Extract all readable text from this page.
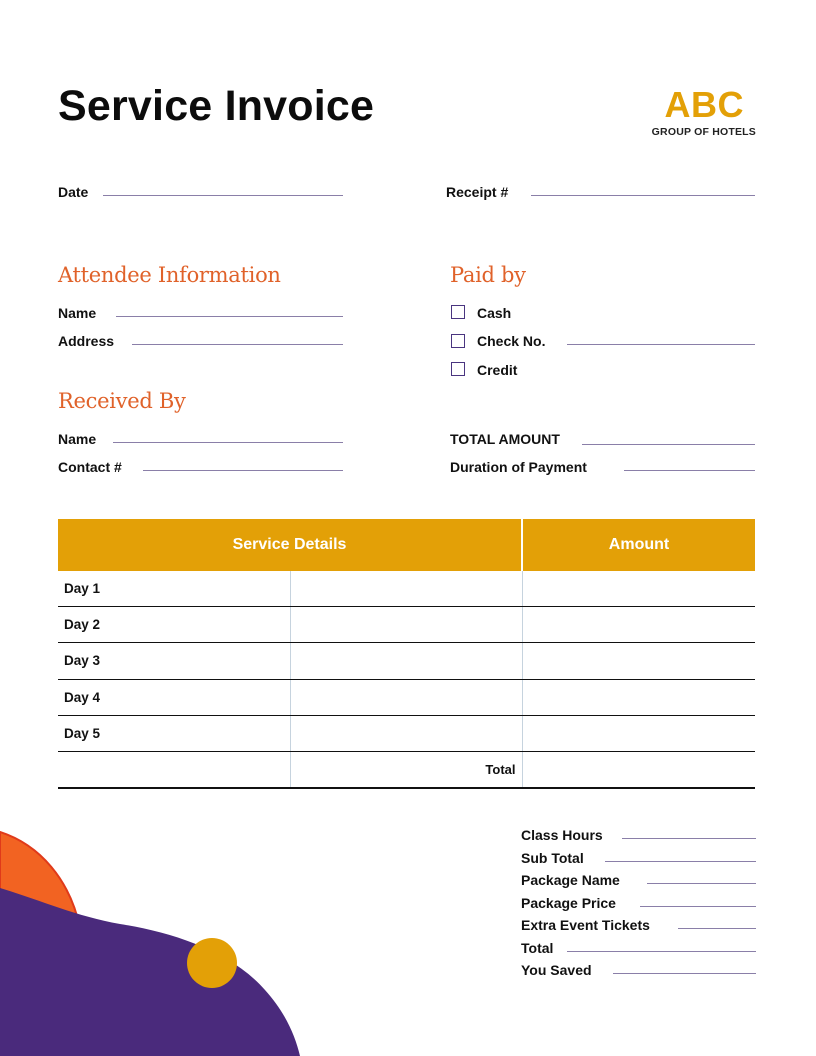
Service Invoice	ABC
GROUP OF HOTELS
Date	Receipt #
Attendee Information
Name
Address
Paid by
Cash
Check No.
Credit
Received By
Name
Contact #
TOTAL AMOUNT
Duration of Payment
Service Details		Amount
Day 1		
Day 2		
Day 3		
Day 4		
Day 5		

	Total	

Class Hours
Sub Total
Package Name
Package Price
Extra Event Tickets
Total
You Saved
